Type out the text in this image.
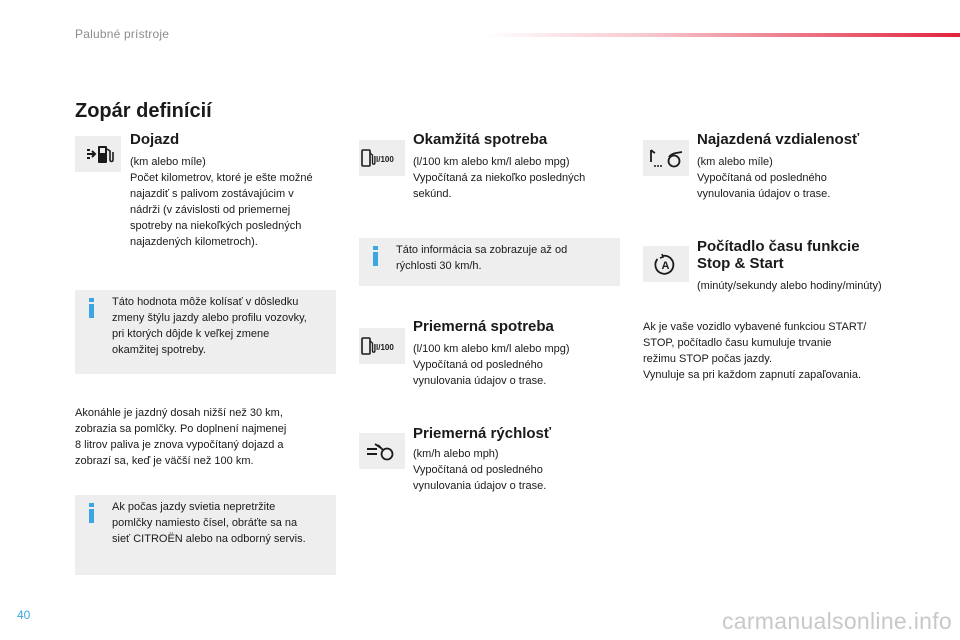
Palubné prístroje
Zopár definícií
Dojazd
(km alebo míle)
Počet kilometrov, ktoré je ešte možné
najazdiť s palivom zostávajúcim v
nádrži (v závislosti od priemernej
spotreby na niekoľkých posledných
najazdených kilometroch).
Táto hodnota môže kolísať v dôsledku
zmeny štýlu jazdy alebo profilu vozovky,
pri ktorých dôjde k veľkej zmene
okamžitej spotreby.
Akonáhle je jazdný dosah nižší než 30 km,
zobrazia sa pomlčky. Po doplnení najmenej
8 litrov paliva je znova vypočítaný dojazd a
zobrazí sa, keď je väčší než 100 km.
Ak počas jazdy svietia nepretržite
pomlčky namiesto čísel, obráťte sa na
sieť CITROËN alebo na odborný servis.
l/100
Okamžitá spotreba
(l/100 km alebo km/l alebo mpg)
Vypočítaná za niekoľko posledných
sekúnd.
Táto informácia sa zobrazuje až od
rýchlosti 30 km/h.
l/100
Priemerná spotreba
(l/100 km alebo km/l alebo mpg)
Vypočítaná od posledného
vynulovania údajov o trase.
Priemerná rýchlosť
(km/h alebo mph)
Vypočítaná od posledného
vynulovania údajov o trase.
Najazdená vzdialenosť
(km alebo míle)
Vypočítaná od posledného
vynulovania údajov o trase.
A
Počítadlo času funkcie
Stop & Start
(minúty/sekundy alebo hodiny/minúty)
Ak je vaše vozidlo vybavené funkciou START/
STOP, počítadlo času kumuluje trvanie
režimu STOP počas jazdy.
Vynuluje sa pri každom zapnutí zapaľovania.
40	carmanualsonline.info
